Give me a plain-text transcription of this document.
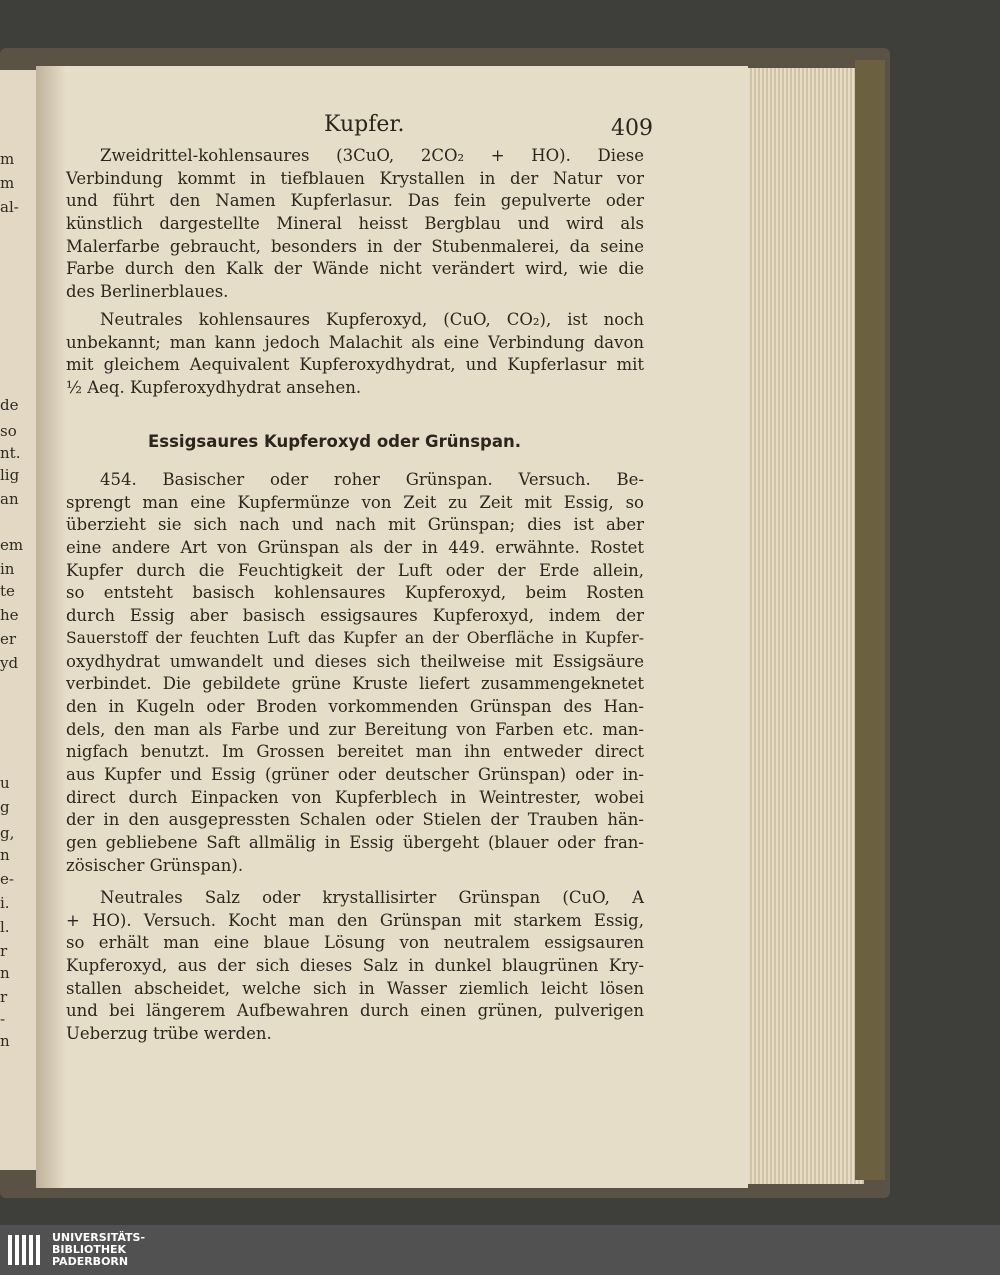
Kupfer.	409
Zweidrittel-kohlensaures (3CuO, 2CO₂ + HO). Diese
Verbindung kommt in tiefblauen Krystallen in der Natur vor
und führt den Namen Kupferlasur. Das fein gepulverte oder
künstlich dargestellte Mineral heisst Bergblau und wird als
Malerfarbe gebraucht, besonders in der Stubenmalerei, da seine
Farbe durch den Kalk der Wände nicht verändert wird, wie die
des Berlinerblaues.
Neutrales kohlensaures Kupferoxyd, (CuO, CO₂), ist noch
unbekannt; man kann jedoch Malachit als eine Verbindung davon
mit gleichem Aequivalent Kupferoxydhydrat, und Kupferlasur mit
½ Aeq. Kupferoxydhydrat ansehen.
Essigsaures Kupferoxyd oder Grünspan.
454. Basischer oder roher Grünspan. Versuch. Be-
sprengt man eine Kupfermünze von Zeit zu Zeit mit Essig, so
überzieht sie sich nach und nach mit Grünspan; dies ist aber
eine andere Art von Grünspan als der in 449. erwähnte. Rostet
Kupfer durch die Feuchtigkeit der Luft oder der Erde allein,
so entsteht basisch kohlensaures Kupferoxyd, beim Rosten
durch Essig aber basisch essigsaures Kupferoxyd, indem der
Sauerstoff der feuchten Luft das Kupfer an der Oberfläche in Kupfer-
oxydhydrat umwandelt und dieses sich theilweise mit Essigsäure
verbindet. Die gebildete grüne Kruste liefert zusammengeknetet
den in Kugeln oder Broden vorkommenden Grünspan des Han-
dels, den man als Farbe und zur Bereitung von Farben etc. man-
nigfach benutzt. Im Grossen bereitet man ihn entweder direct
aus Kupfer und Essig (grüner oder deutscher Grünspan) oder in-
direct durch Einpacken von Kupferblech in Weintrester, wobei
der in den ausgepressten Schalen oder Stielen der Trauben hän-
gen gebliebene Saft allmälig in Essig übergeht (blauer oder fran-
zösischer Grünspan).
Neutrales Salz oder krystallisirter Grünspan (CuO, A
+ HO). Versuch. Kocht man den Grünspan mit starkem Essig,
so erhält man eine blaue Lösung von neutralem essigsauren
Kupferoxyd, aus der sich dieses Salz in dunkel blaugrünen Kry-
stallen abscheidet, welche sich in Wasser ziemlich leicht lösen
und bei längerem Aufbewahren durch einen grünen, pulverigen
Ueberzug trübe werden.
m
m
al-
de
so
nt.
lig
an
em
in
te
he
er
yd
u
g
g,
n
e-
i.
l.
r
n
r
-
n
UNIVERSITÄTS-
BIBLIOTHEK
PADERBORN
